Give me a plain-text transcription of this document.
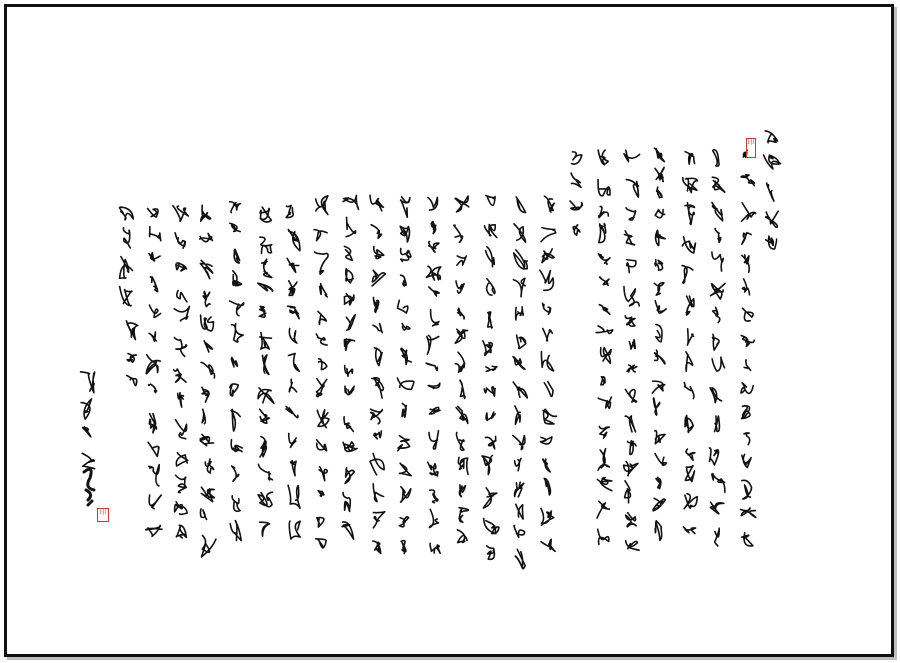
印
印
